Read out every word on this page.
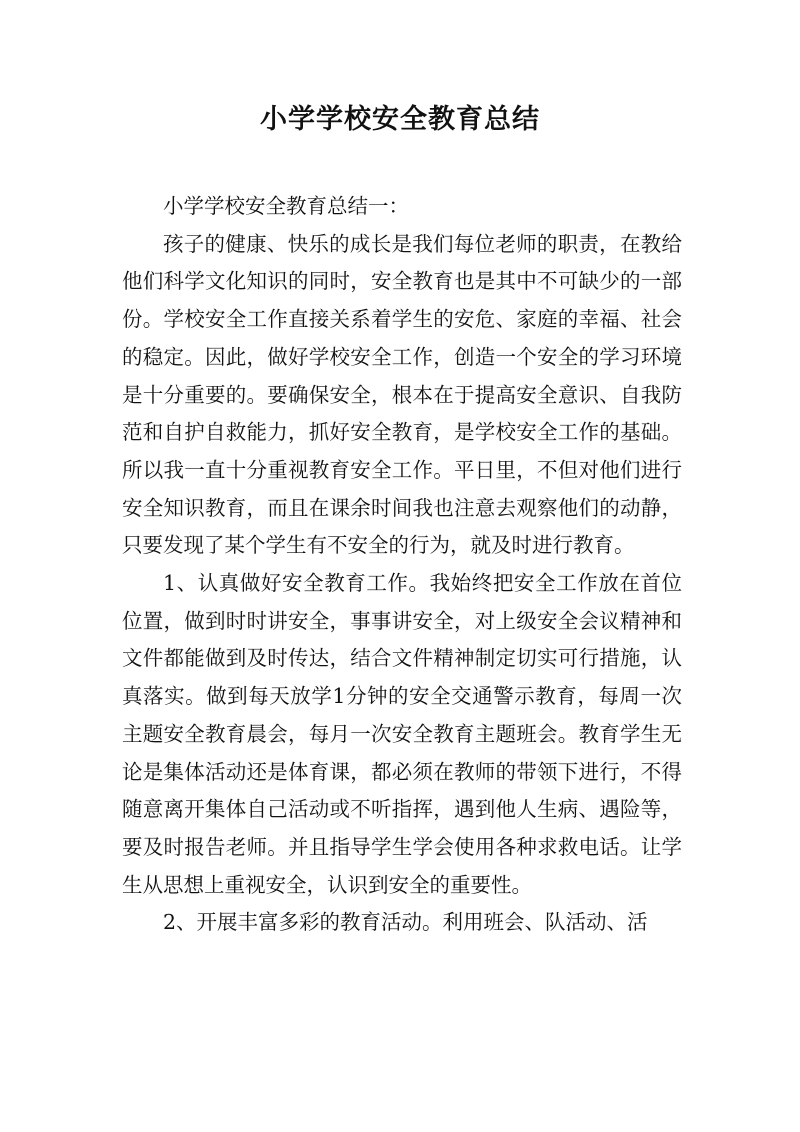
小学学校安全教育总结

小学学校安全教育总结一：

孩子的健康、快乐的成长是我们每位老师的职责，在教给他们科学文化知识的同时，安全教育也是其中不可缺少的一部份。学校安全工作直接关系着学生的安危、家庭的幸福、社会的稳定。因此，做好学校安全工作，创造一个安全的学习环境是十分重要的。要确保安全，根本在于提高安全意识、自我防范和自护自救能力，抓好安全教育，是学校安全工作的基础。所以我一直十分重视教育安全工作。平日里，不但对他们进行安全知识教育，而且在课余时间我也注意去观察他们的动静，只要发现了某个学生有不安全的行为，就及时进行教育。

1、认真做好安全教育工作。我始终把安全工作放在首位位置，做到时时讲安全，事事讲安全，对上级安全会议精神和文件都能做到及时传达，结合文件精神制定切实可行措施，认真落实。做到每天放学1分钟的安全交通警示教育，每周一次主题安全教育晨会，每月一次安全教育主题班会。教育学生无论是集体活动还是体育课，都必须在教师的带领下进行，不得随意离开集体自己活动或不听指挥，遇到他人生病、遇险等，要及时报告老师。并且指导学生学会使用各种求救电话。让学生从思想上重视安全，认识到安全的重要性。

2、开展丰富多彩的教育活动。利用班会、队活动、活
